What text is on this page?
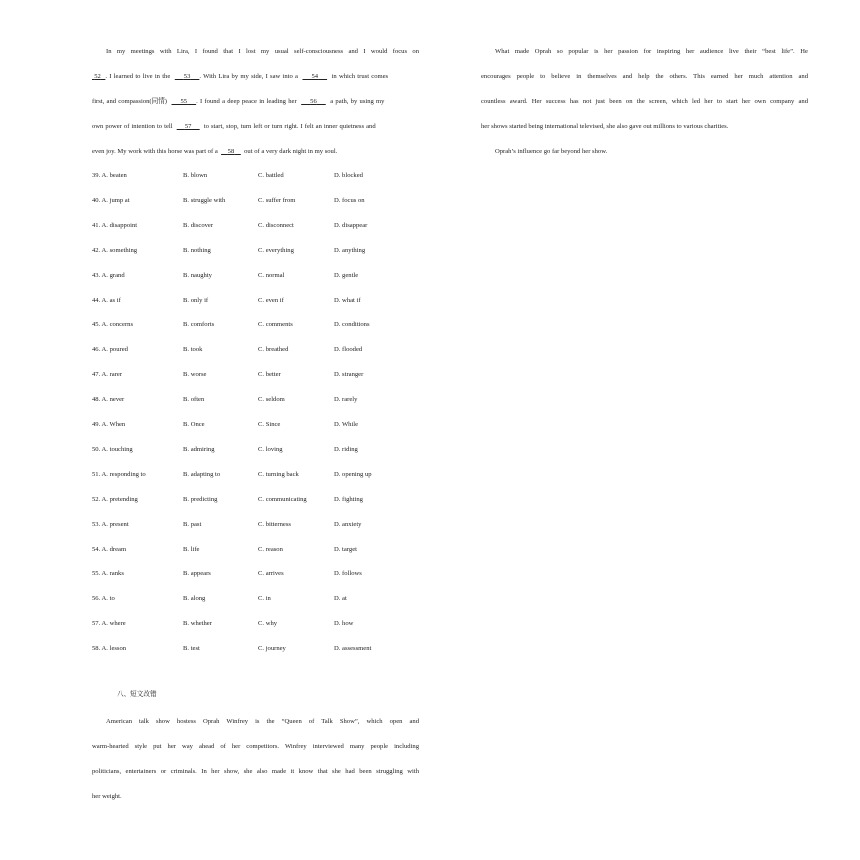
In my meetings with Lira, I found that I lost my usual self-consciousness and I would focus on
52 . I learned to live in the 53 . With Lira by my side, I saw into a 54 in which trust comes
first, and compassion(同情) 55 . I found a deep peace in leading her 56 a path, by using my
own power of intention to tell 57 to start, stop, turn left or turn right. I felt an inner quietness and
even joy. My work with this horse was part of a 58 out of a very dark night in my soul.
39. A. beaten	B. blown	C. battled	D. blocked
40. A. jump at	B. struggle with	C. suffer from	D. focus on
41. A. disappoint	B. discover	C. disconnect	D. disappear
42. A. something	B. nothing	C. everything	D. anything
43. A. grand	B. naughty	C. normal	D. gentle
44. A. as if	B. only if	C. even if	D. what if
45. A. concerns	B. comforts	C. comments	D. conditions
46. A. poured	B. took	C. breathed	D. flooded
47. A. rarer	B. worse	C. better	D. stranger
48. A. never	B. often	C. seldom	D. rarely
49. A. When	B. Once	C. Since	D. While
50. A. touching	B. admiring	C. loving	D. riding
51. A. responding to	B. adapting to	C. turning back	D. opening up
52. A. pretending	B. predicting	C. communicating	D. fighting
53. A. present	B. past	C. bitterness	D. anxiety
54. A. dream	B. life	C. reason	D. target
55. A. ranks	B. appears	C. arrives	D. follows
56. A. to	B. along	C. in	D. at
57. A. where	B. whether	C. why	D. how
58. A. lesson	B. test	C. journey	D. assessment
八、短文改错
American talk show hostess Oprah Winfrey is the “Queen of Talk Show”, which open and
warm-hearted style put her way ahead of her competitors. Winfrey interviewed many people including
politicians, entertainers or criminals. In her show, she also made it know that she had been struggling with
her weight.
What made Oprah so popular is her passion for inspiring her audience live their “best life”. He
encourages people to believe in themselves and help the others. This earned her much attention and
countless award. Her success has not just been on the screen, which led her to start her own company and
her shows started being international televised, she also gave out millions to various charities.
Oprah’s influence go far beyond her show.
